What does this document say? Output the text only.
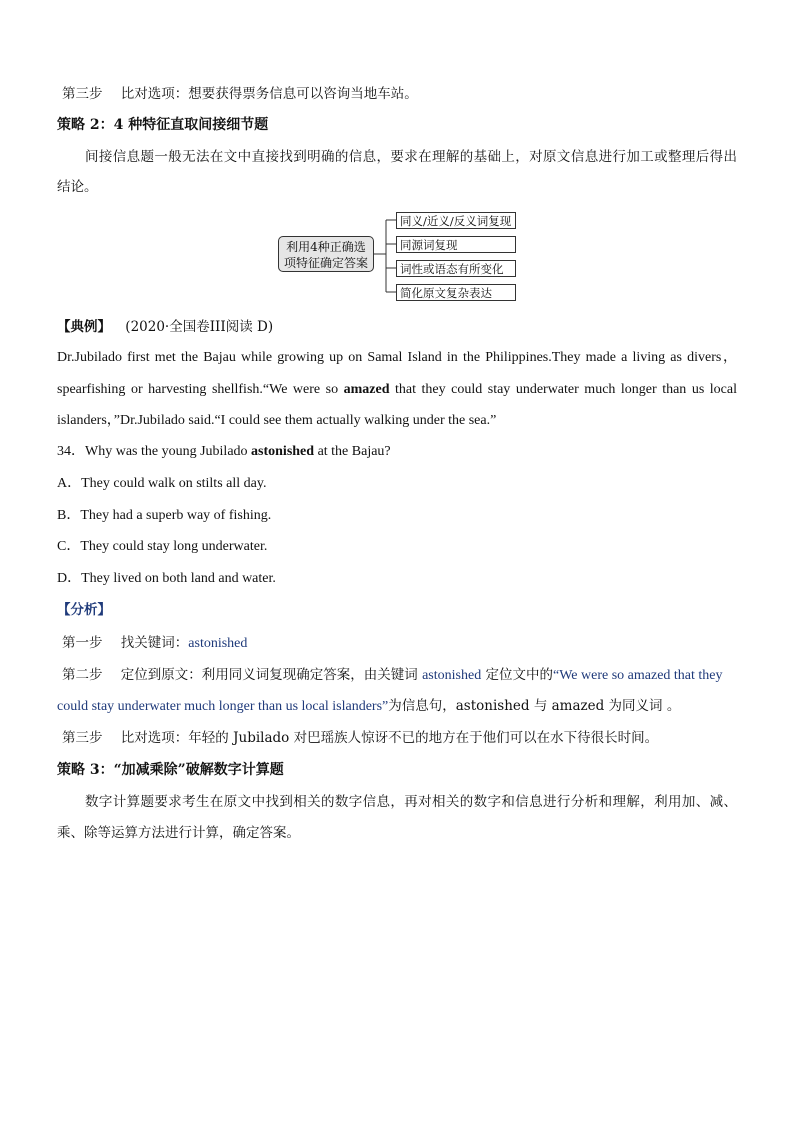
第三步 比对选项：想要获得票务信息可以咨询当地车站。
策略 2：4 种特征直取间接细节题
间接信息题一般无法在文中直接找到明确的信息，要求在理解的基础上，对原文信息进行加工或整理后得出
结论。
利用4种正确选
项特征确定答案
同义/近义/反义词复现
同源词复现
词性或语态有所变化
简化原文复杂表达
【典例】 (2020·全国卷III阅读 D)
Dr.Jubilado first met the Bajau while growing up on Samal Island in the Philippines.They made a living as divers，
spearfishing or harvesting shellfish.“We were so amazed that they could stay underwater much longer than us local
islanders，”Dr.Jubilado said.“I could see them actually walking under the sea.”
34．Why was the young Jubilado astonished at the Bajau?
A．They could walk on stilts all day.
B．They had a superb way of fishing.
C．They could stay long underwater.
D．They lived on both land and water.
【分析】
第一步 找关键词：astonished
第二步 定位到原文：利用同义词复现确定答案，由关键词 astonished 定位文中的“We were so amazed that they
could stay underwater much longer than us local islanders”为信息句，astonished 与 amazed 为同义词 。
第三步 比对选项：年轻的 Jubilado 对巴瑶族人惊讶不已的地方在于他们可以在水下待很长时间。
策略 3：“加减乘除”破解数字计算题
数字计算题要求考生在原文中找到相关的数字信息，再对相关的数字和信息进行分析和理解，利用加、减、
乘、除等运算方法进行计算，确定答案。
